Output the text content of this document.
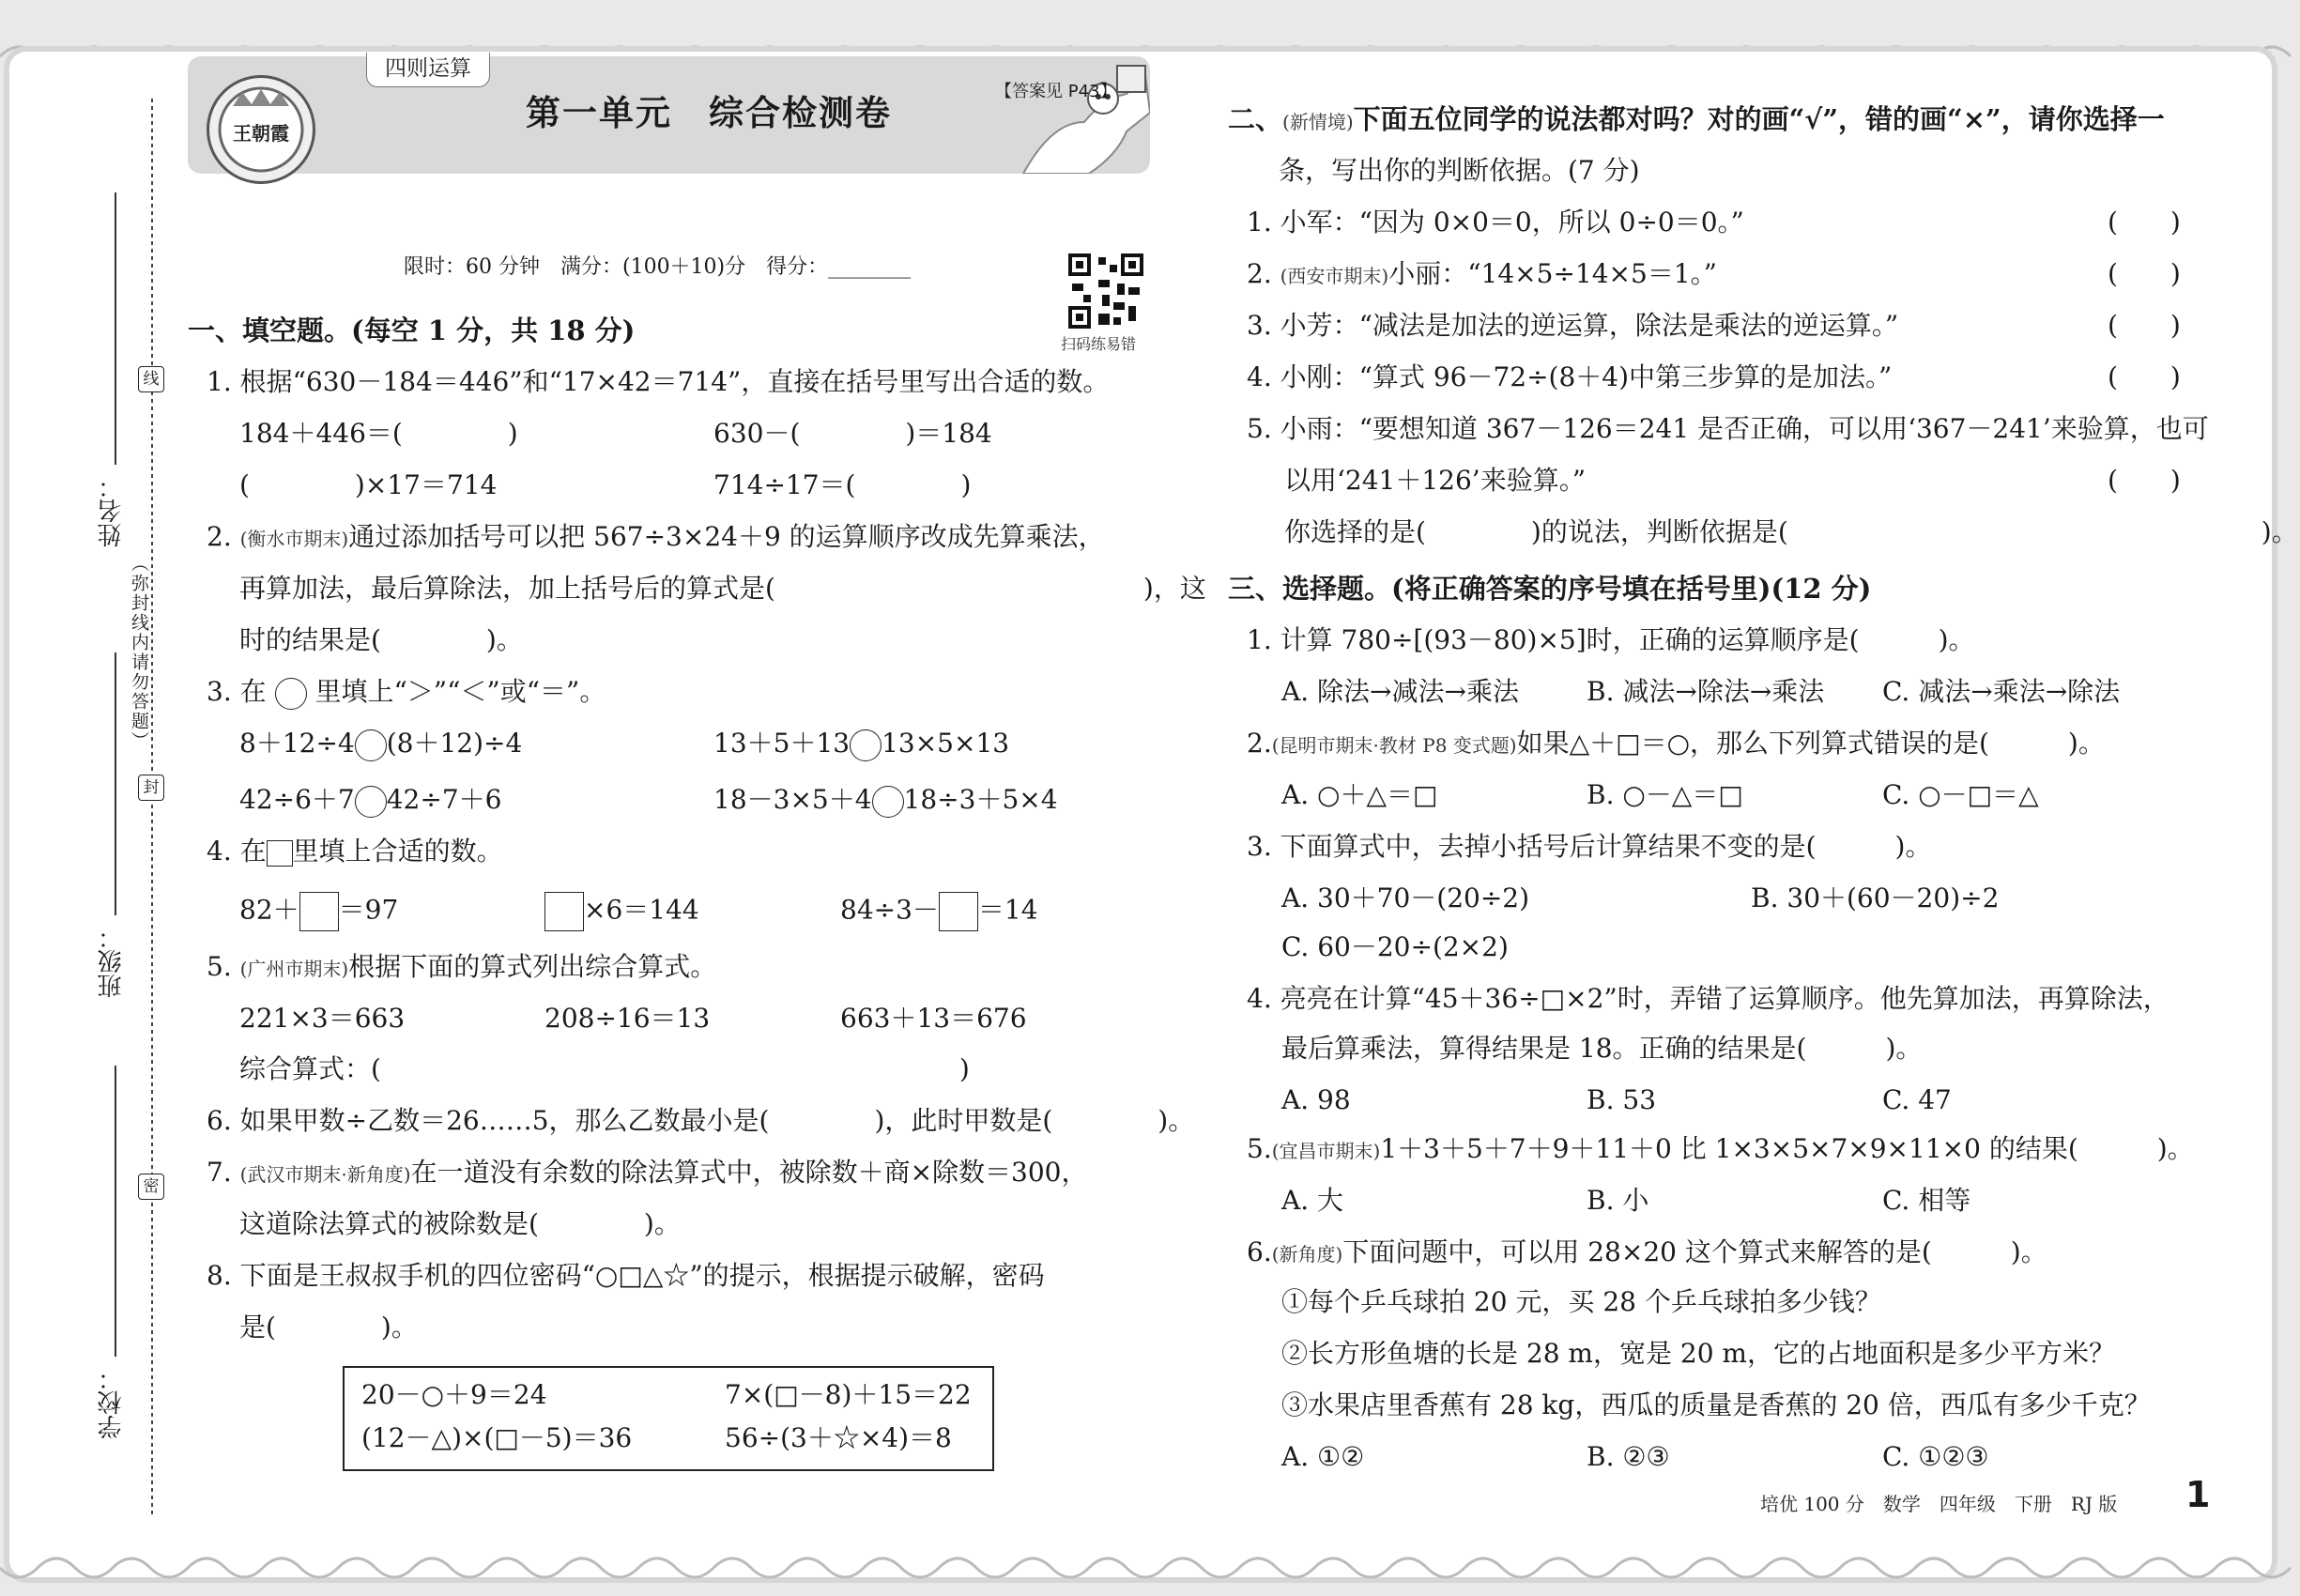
姓名：
（弥封线内请勿答题）
班级：
学校：
线
封
密
四则运算
第一单元　综合检测卷
【答案见 P43】
王朝霞
限时：60 分钟　满分：(100＋10)分　得分：________
扫码练易错
一、填空题。(每空 1 分，共 18 分)
1. 根据“630－184＝446”和“17×42＝714”，直接在括号里写出合适的数。
184＋446＝(　　　　)	630－(　　　　)＝184
(　　　　)×17＝714	714÷17＝(　　　　)
2. (衡水市期末)通过添加括号可以把 567÷3×24＋9 的运算顺序改成先算乘法，
再算加法，最后算除法，加上括号后的算式是(　　　　　　　　　　　　　　)，这
时的结果是(　　　　)。
3. 在 里填上“＞”“＜”或“＝”。
8＋12÷4 (8＋12)÷4	13＋5＋13 13×5×13
42÷6＋7 42÷7＋6	18－3×5＋4 18÷3＋5×4
4. 在 里填上合适的数。
82＋ ＝97	×6＝144	84÷3－ ＝14
5. (广州市期末)根据下面的算式列出综合算式。
221×3＝663	208÷16＝13	663＋13＝676
综合算式：(　　　　　　　　　　　　　　　　　　　　　　)
6. 如果甲数÷乙数＝26……5，那么乙数最小是(　　　　)，此时甲数是(　　　　)。
7. (武汉市期末·新角度)在一道没有余数的除法算式中，被除数＋商×除数＝300，
这道除法算式的被除数是(　　　　)。
8. 下面是王叔叔手机的四位密码“○□△☆”的提示，根据提示破解，密码
是(　　　　)。
20－○＋9＝24	7×(□－8)＋15＝22
(12－△)×(□－5)＝36	56÷(3＋☆×4)＝8
二、(新情境)下面五位同学的说法都对吗？对的画“√”，错的画“×”，请你选择一
条，写出你的判断依据。(7 分)
1. 小军：“因为 0×0＝0，所以 0÷0＝0。”	(　　)
2. (西安市期末)小丽：“14×5÷14×5＝1。”	(　　)
3. 小芳：“减法是加法的逆运算，除法是乘法的逆运算。”	(　　)
4. 小刚：“算式 96－72÷(8＋4)中第三步算的是加法。”	(　　)
5. 小雨：“要想知道 367－126＝241 是否正确，可以用‘367－241’来验算，也可
以用‘241＋126’来验算。”	(　　)
你选择的是(　　　　)的说法，判断依据是(　　　　　　　　　　　　　　　　　　)。
三、选择题。(将正确答案的序号填在括号里)(12 分)
1. 计算 780÷[(93－80)×5]时，正确的运算顺序是(　　　)。
A. 除法→减法→乘法	B. 减法→除法→乘法 C. 减法→乘法→除法
2.(昆明市期末·教材 P8 变式题)如果△＋□＝○，那么下列算式错误的是(　　　)。
A. ○＋△＝□	B. ○－△＝□	C. ○－□＝△
3. 下面算式中，去掉小括号后计算结果不变的是(　　　)。
A. 30＋70－(20÷2)	B. 30＋(60－20)÷2
C. 60－20÷(2×2)
4. 亮亮在计算“45＋36÷□×2”时，弄错了运算顺序。他先算加法，再算除法，
最后算乘法，算得结果是 18。正确的结果是(　　　)。
A. 98	B. 53	C. 47
5.(宜昌市期末)1＋3＋5＋7＋9＋11＋0 比 1×3×5×7×9×11×0 的结果(　　　)。
A. 大	B. 小	C. 相等
6.(新角度)下面问题中，可以用 28×20 这个算式来解答的是(　　　)。
①每个乒乓球拍 20 元，买 28 个乒乓球拍多少钱？
②长方形鱼塘的长是 28 m，宽是 20 m，它的占地面积是多少平方米？
③水果店里香蕉有 28 kg，西瓜的质量是香蕉的 20 倍，西瓜有多少千克？
A. ①②	B. ②③	C. ①②③
培优 100 分　数学　四年级　下册　RJ 版 1
